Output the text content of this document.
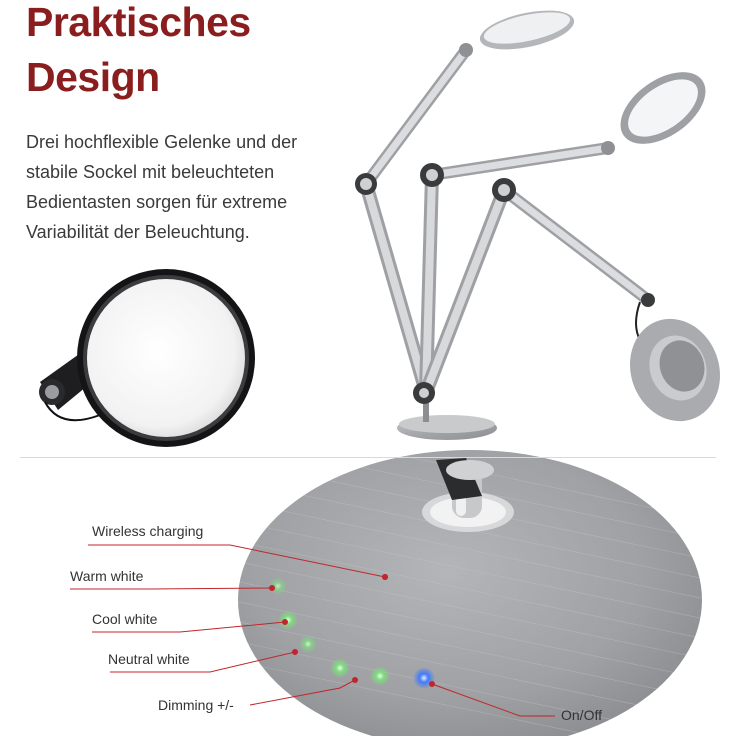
Praktisches
Design
Drei hochflexible Gelenke und der
stabile Sockel mit beleuchteten
Bedientasten sorgen für extreme
Variabilität der Beleuchtung.
Wireless charging
Warm white
Cool white
Neutral white
Dimming +/-
On/Off
